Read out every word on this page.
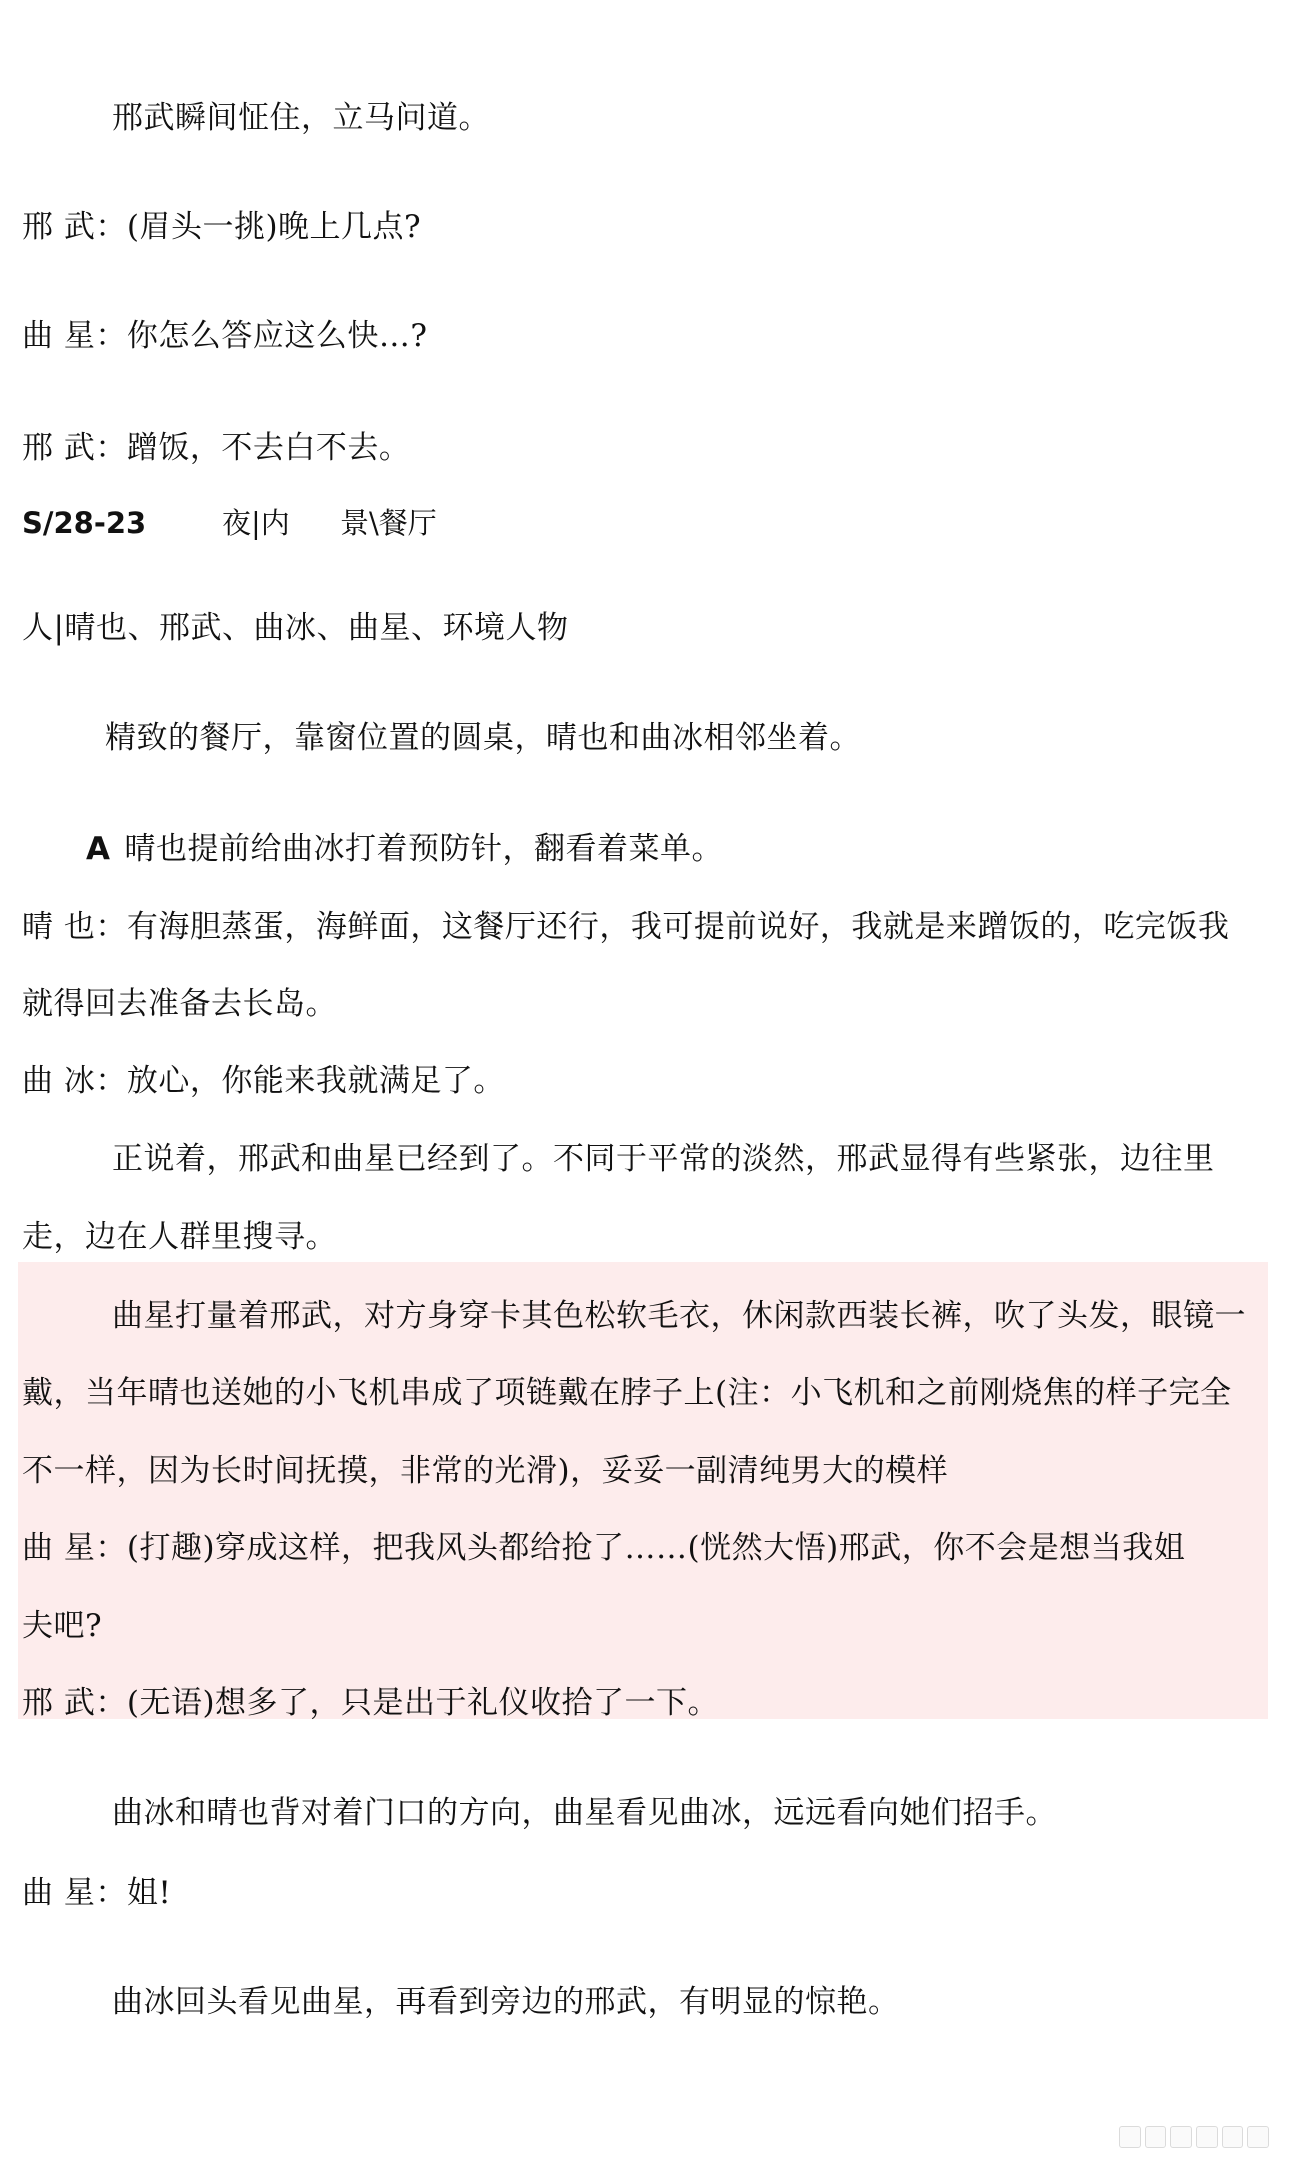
邢武瞬间怔住，立马问道。
邢 武：(眉头一挑)晚上几点?
曲 星：你怎么答应这么快…?
邢 武：蹭饭，不去白不去。
S/28-23	夜|内 景\餐厅
人|晴也、邢武、曲冰、曲星、环境人物
精致的餐厅，靠窗位置的圆桌，晴也和曲冰相邻坐着。
A 晴也提前给曲冰打着预防针，翻看着菜单。
晴 也：有海胆蒸蛋，海鲜面，这餐厅还行，我可提前说好，我就是来蹭饭的，吃完饭我
就得回去准备去长岛。
曲 冰：放心，你能来我就满足了。
正说着，邢武和曲星已经到了。不同于平常的淡然，邢武显得有些紧张，边往里
走，边在人群里搜寻。
曲星打量着邢武，对方身穿卡其色松软毛衣，休闲款西装长裤，吹了头发，眼镜一
戴，当年晴也送她的小飞机串成了项链戴在脖子上(注：小飞机和之前刚烧焦的样子完全
不一样，因为长时间抚摸，非常的光滑)，妥妥一副清纯男大的模样
曲 星：(打趣)穿成这样，把我风头都给抢了……(恍然大悟)邢武，你不会是想当我姐
夫吧?
邢 武：(无语)想多了，只是出于礼仪收拾了一下。
曲冰和晴也背对着门口的方向，曲星看见曲冰，远远看向她们招手。
曲 星：姐!
曲冰回头看见曲星，再看到旁边的邢武，有明显的惊艳。
